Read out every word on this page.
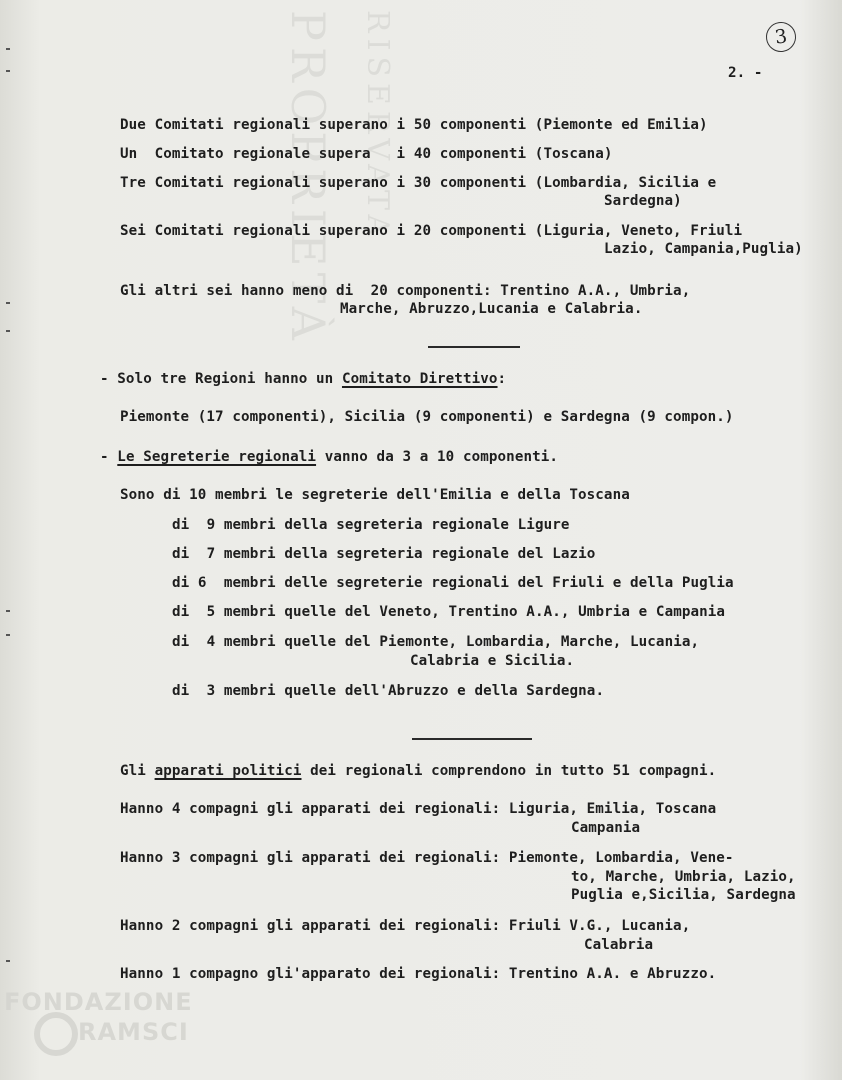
PROPRIETÀ RISERVATA	3
2. -
Due Comitati regionali superano i 50 componenti (Piemonte ed Emilia)
Un  Comitato regionale supera   i 40 componenti (Toscana)
Tre Comitati regionali superano i 30 componenti (Lombardia, Sicilia e
Sardegna)
Sei Comitati regionali superano i 20 componenti (Liguria, Veneto, Friuli
Lazio, Campania,Puglia)
Gli altri sei hanno meno di  20 componenti: Trentino A.A., Umbria,
Marche, Abruzzo,Lucania e Calabria.
- Solo tre Regioni hanno un Comitato Direttivo:
Piemonte (17 componenti), Sicilia (9 componenti) e Sardegna (9 compon.)
- Le Segreterie regionali vanno da 3 a 10 componenti.
Sono di 10 membri le segreterie dell'Emilia e della Toscana
di  9 membri della segreteria regionale Ligure
di  7 membri della segreteria regionale del Lazio
di 6  membri delle segreterie regionali del Friuli e della Puglia
di  5 membri quelle del Veneto, Trentino A.A., Umbria e Campania
di  4 membri quelle del Piemonte, Lombardia, Marche, Lucania,
Calabria e Sicilia.
di  3 membri quelle dell'Abruzzo e della Sardegna.
Gli apparati politici dei regionali comprendono in tutto 51 compagni.
Hanno 4 compagni gli apparati dei regionali: Liguria, Emilia, Toscana
Campania
Hanno 3 compagni gli apparati dei regionali: Piemonte, Lombardia, Vene-
to, Marche, Umbria, Lazio,
Puglia e,Sicilia, Sardegna
Hanno 2 compagni gli apparati dei regionali: Friuli V.G., Lucania,
Calabria
Hanno 1 compagno gli'apparato dei regionali: Trentino A.A. e Abruzzo.
FONDAZIONE
RAMSCI
